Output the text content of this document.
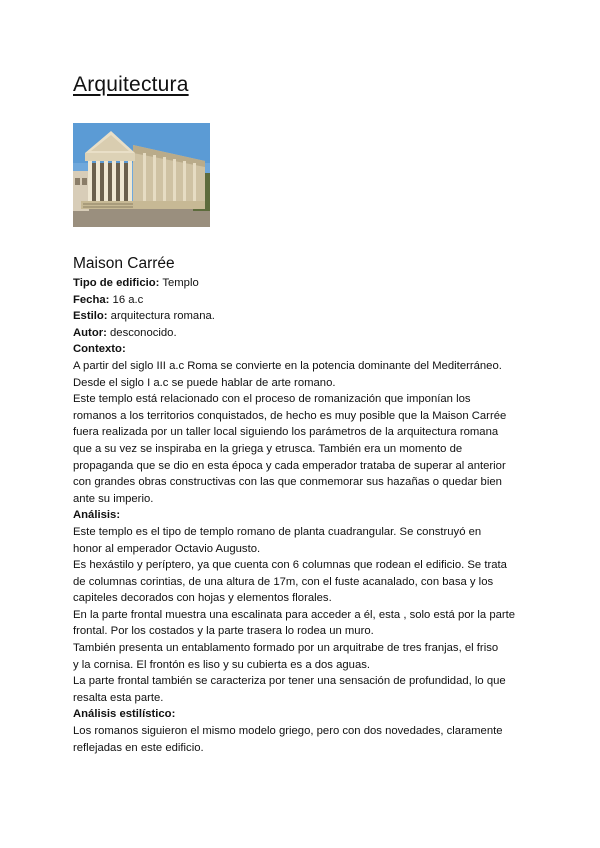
Arquitectura
Maison Carrée
Tipo de edificio: Templo
Fecha: 16 a.c
Estilo: arquitectura romana.
Autor: desconocido.
Contexto:
A partir del siglo III a.c Roma se convierte en la potencia dominante del Mediterráneo.
Desde el siglo I a.c se puede hablar de arte romano.
Este templo está relacionado con el proceso de romanización que imponían los
romanos a los territorios conquistados, de hecho es muy posible que la Maison Carrée
fuera realizada por un taller local siguiendo los parámetros de la arquitectura romana
que a su vez se inspiraba en la griega y etrusca. También era un momento de
propaganda que se dio en esta época y cada emperador trataba de superar al anterior
con grandes obras constructivas con las que conmemorar sus hazañas o quedar bien
ante su imperio.
Análisis:
Este templo es el tipo de templo romano de planta cuadrangular. Se construyó en
honor al emperador Octavio Augusto.
Es hexástilo y períptero, ya que cuenta con 6 columnas que rodean el edificio. Se trata
de columnas corintias, de una altura de 17m, con el fuste acanalado, con basa y los
capiteles decorados con hojas y elementos florales.
En la parte frontal muestra una escalinata para acceder a él, esta , solo está por la parte
frontal. Por los costados y la parte trasera lo rodea un muro.
También presenta un entablamento formado por un arquitrabe de tres franjas, el friso
y la cornisa. El frontón es liso y su cubierta es a dos aguas.
La parte frontal también se caracteriza por tener una sensación de profundidad, lo que
resalta esta parte.
Análisis estilístico:
Los romanos siguieron el mismo modelo griego, pero con dos novedades, claramente
reflejadas en este edificio.
